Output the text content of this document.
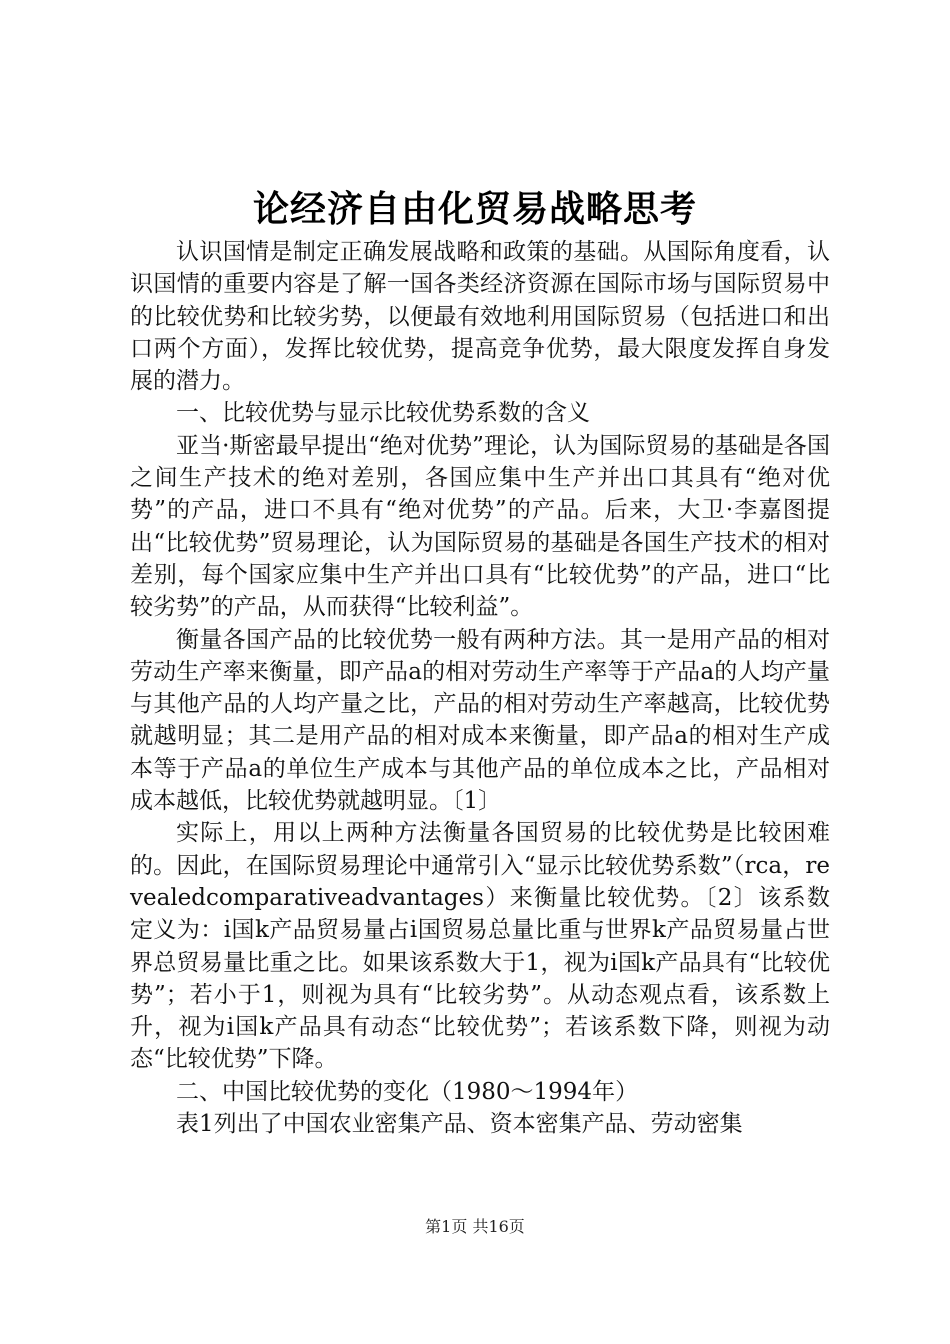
论经济自由化贸易战略思考

认识国情是制定正确发展战略和政策的基础。从国际角度看，认识国情的重要内容是了解一国各类经济资源在国际市场与国际贸易中的比较优势和比较劣势，以便最有效地利用国际贸易（包括进口和出口两个方面），发挥比较优势，提高竞争优势，最大限度发挥自身发展的潜力。

一、比较优势与显示比较优势系数的含义

亚当·斯密最早提出“绝对优势”理论，认为国际贸易的基础是各国之间生产技术的绝对差别，各国应集中生产并出口其具有“绝对优势”的产品，进口不具有“绝对优势”的产品。后来，大卫·李嘉图提出“比较优势”贸易理论，认为国际贸易的基础是各国生产技术的相对差别，每个国家应集中生产并出口具有“比较优势”的产品，进口“比较劣势”的产品，从而获得“比较利益”。

衡量各国产品的比较优势一般有两种方法。其一是用产品的相对劳动生产率来衡量，即产品a的相对劳动生产率等于产品a的人均产量与其他产品的人均产量之比，产品的相对劳动生产率越高，比较优势就越明显；其二是用产品的相对成本来衡量，即产品a的相对生产成本等于产品a的单位生产成本与其他产品的单位成本之比，产品相对成本越低，比较优势就越明显。〔1〕

实际上，用以上两种方法衡量各国贸易的比较优势是比较困难的。因此，在国际贸易理论中通常引入“显示比较优势系数”（rca，revealedcomparativeadvantages）来衡量比较优势。〔2〕该系数定义为：i国k产品贸易量占i国贸易总量比重与世界k产品贸易量占世界总贸易量比重之比。如果该系数大于1，视为i国k产品具有“比较优势”；若小于1，则视为具有“比较劣势”。从动态观点看，该系数上升，视为i国k产品具有动态“比较优势”；若该系数下降，则视为动态“比较优势”下降。

二、中国比较优势的变化（1980～1994年）

表1列出了中国农业密集产品、资本密集产品、劳动密集

第1页 共16页
